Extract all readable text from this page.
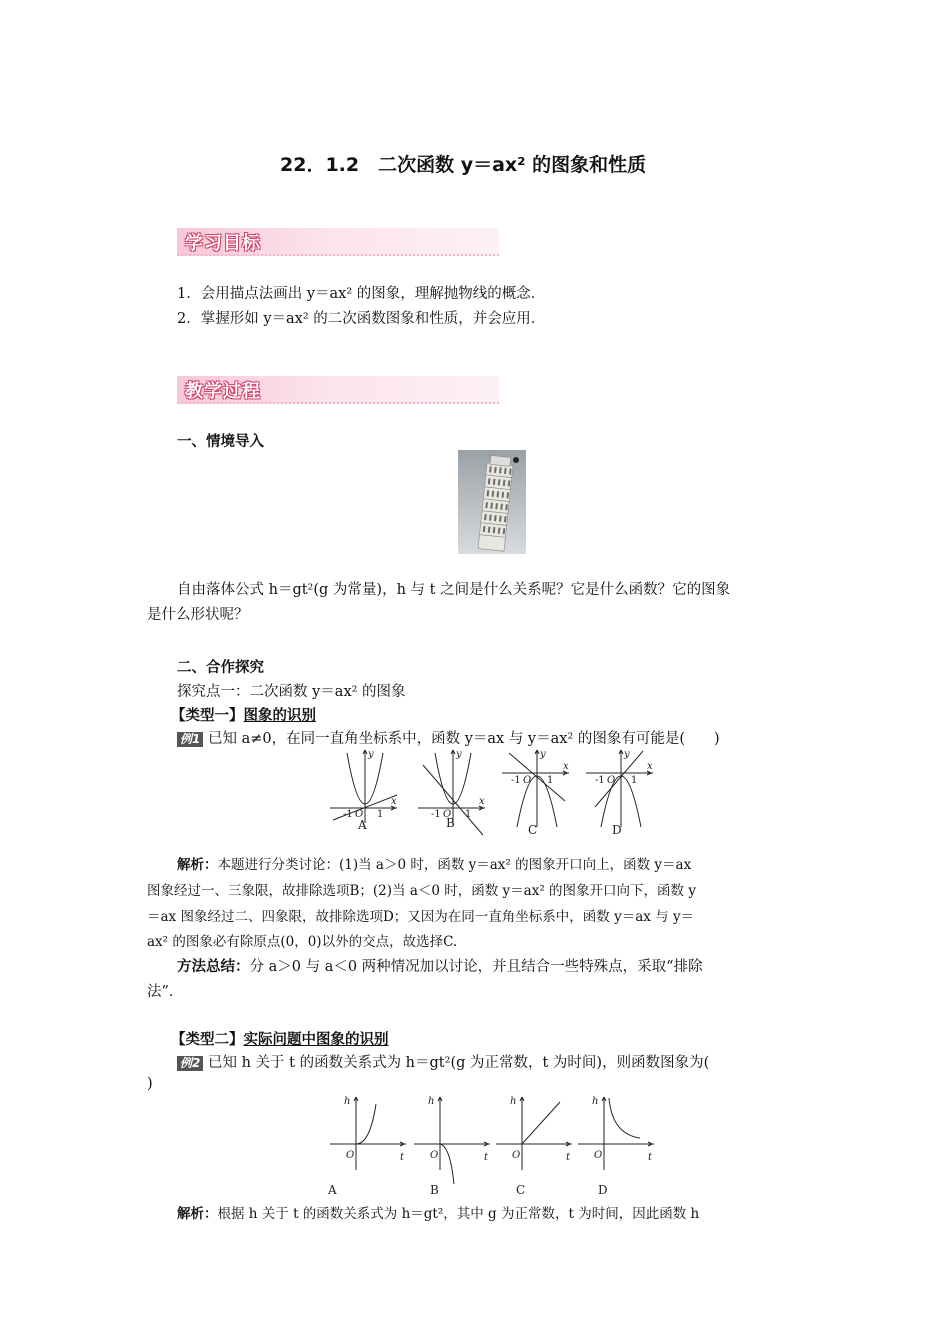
22．1.2　二次函数 y＝ax² 的图象和性质
学习目标
1．会用描点法画出 y＝ax² 的图象，理解抛物线的概念．
2．掌握形如 y＝ax² 的二次函数图象和性质，并会应用．
教学过程
一、情境导入
自由落体公式 h＝gt²(g 为常量)，h 与 t 之间是什么关系呢？它是什么函数？它的图象
是什么形状呢？
二、合作探究
探究点一：二次函数 y＝ax² 的图象
【类型一】图象的识别
例1 已知 a≠0，在同一直角坐标系中，函数 y＝ax 与 y＝ax² 的图象有可能是(　　)
y
x
y
x
y
x
y
x
-1 O 1	-1 O 1
-1 O 1	-1 O 1
A	B	C	D
解析：本题进行分类讨论：(1)当 a＞0 时，函数 y＝ax² 的图象开口向上，函数 y＝ax
图象经过一、三象限，故排除选项B；(2)当 a＜0 时，函数 y＝ax² 的图象开口向下，函数 y
＝ax 图象经过二、四象限，故排除选项D；又因为在同一直角坐标系中，函数 y＝ax 与 y＝
ax² 的图象必有除原点(0，0)以外的交点，故选择C.
方法总结：分 a＞0 与 a＜0 两种情况加以讨论，并且结合一些特殊点，采取“排除
法”．
【类型二】实际问题中图象的识别
例2 已知 h 关于 t 的函数关系式为 h＝gt²(g 为正常数，t 为时间)，则函数图象为(
)
h
t
O
h
t
O
h
t
O
h
t
O
A	B	C	D
解析：根据 h 关于 t 的函数关系式为 h＝gt²，其中 g 为正常数，t 为时间，因此函数 h
